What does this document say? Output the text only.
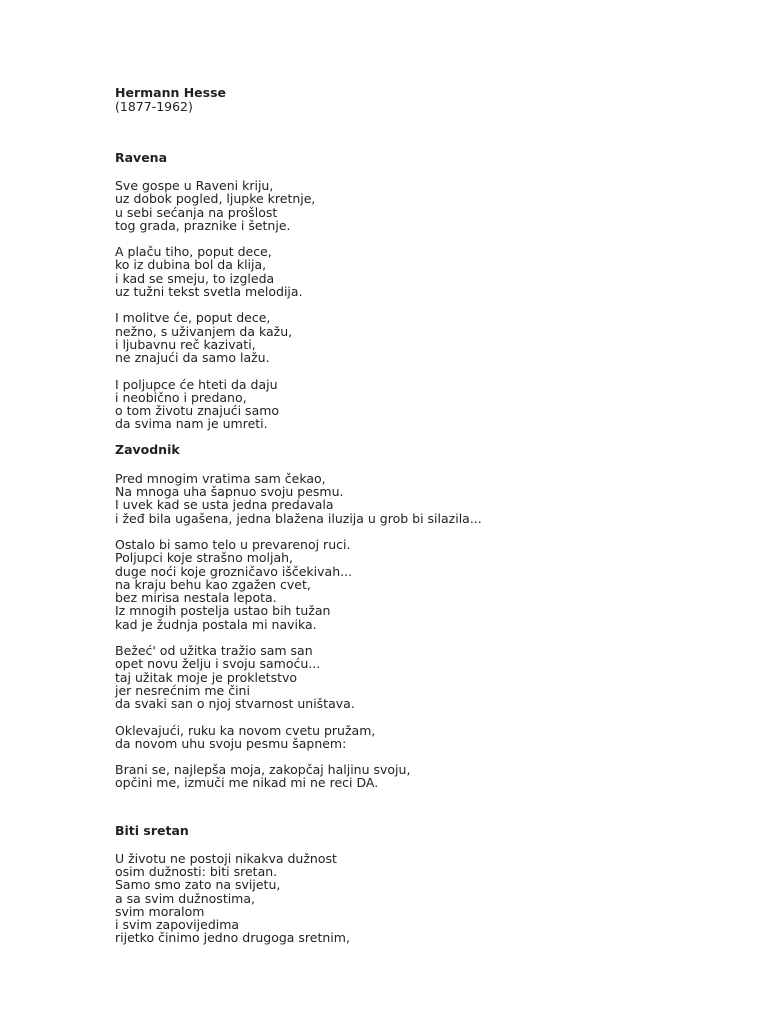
Hermann Hesse
(1877-1962)
Ravena
Sve gospe u Raveni kriju,
uz dobok pogled, ljupke kretnje,
u sebi sećanja na prošlost
tog grada, praznike i šetnje.
A plaču tiho, poput dece,
ko iz dubina bol da klija,
i kad se smeju, to izgleda
uz tužni tekst svetla melodija.
I molitve će, poput dece,
nežno, s uživanjem da kažu,
i ljubavnu reč kazivati,
ne znajući da samo lažu.
I poljupce će hteti da daju
i neobično i predano,
o tom životu znajući samo
da svima nam je umreti.
Zavodnik
Pred mnogim vratima sam čekao,
Na mnoga uha šapnuo svoju pesmu.
I uvek kad se usta jedna predavala
i žeđ bila ugašena, jedna blažena iluzija u grob bi silazila...
Ostalo bi samo telo u prevarenoj ruci.
Poljupci koje strašno moljah,
duge noći koje grozničavo iščekivah...
na kraju behu kao zgažen cvet,
bez mirisa nestala lepota.
Iz mnogih postelja ustao bih tužan
kad je žudnja postala mi navika.
Bežeć' od užitka tražio sam san
opet novu želju i svoju samoću...
taj užitak moje je prokletstvo
jer nesrećnim me čini
da svaki san o njoj stvarnost uništava.
Oklevajući, ruku ka novom cvetu pružam,
da novom uhu svoju pesmu šapnem:
Brani se, najlepša moja, zakopčaj haljinu svoju,
opčini me, izmuči me nikad mi ne reci DA.
Biti sretan
U životu ne postoji nikakva dužnost
osim dužnosti: biti sretan.
Samo smo zato na svijetu,
a sa svim dužnostima,
svim moralom
i svim zapovijedima
rijetko činimo jedno drugoga sretnim,
